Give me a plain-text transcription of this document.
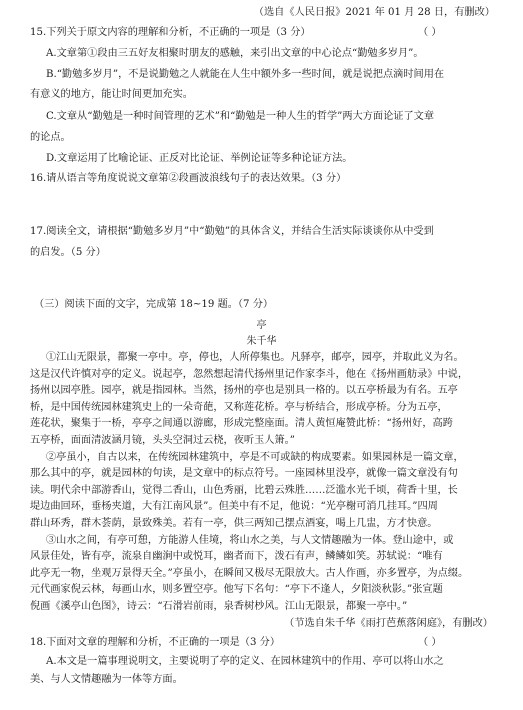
（选自《人民日报》2021 年 01 月 28 日，有删改）
15.下列关于原文内容的理解和分析，不正确的一项是（3 分）	（ ）
A.文章第①段由三五好友相聚时朋友的感触，来引出文章的中心论点“勤勉多岁月”。
B.“勤勉多岁月”，不是说勤勉之人就能在人生中额外多一些时间，就是说把点滴时间用在
有意义的地方，能让时间更加充实。
C.文章从“勤勉是一种时间管理的艺术”和“勤勉是一种人生的哲学”两大方面论证了文章
的论点。
D.文章运用了比喻论证、正反对比论证、举例论证等多种论证方法。
16.请从语言等角度说说文章第②段画波浪线句子的表达效果。（3 分）
17.阅读全文，请根据“勤勉多岁月”中“勤勉”的具体含义，并结合生活实际谈谈你从中受到
的启发。（5 分）
（三）阅读下面的文字，完成第 18~19 题。（7 分）
亭
朱千华
①江山无限景，都聚一亭中。亭，停也，人所停集也。凡驿亭，邮亭，园亭，并取此义为名。
这是汉代许慎对亭的定义。说起亭，忽然想起清代扬州里记作家李斗，他在《扬州画舫录》中说，
扬州以园亭胜。园亭，就是指园林。当然，扬州的亭也是别具一格的。以五亭桥最为有名。五亭
桥，是中国传统园林建筑史上的一朵奇葩，又称莲花桥。亭与桥结合，形成亭桥。分为五亭，
莲花状，聚集于一桥，亭亭之间通以游廊，形成完整座面。清人黄恒庵赞此桥：“扬州好，高跨
五亭桥，面面清波涵月镜，头头空洞过云桡，夜听玉人箫。”
②亭虽小，自古以来，在传统园林建筑中，亭是不可或缺的构成要素。如果园林是一篇文章，
那么其中的亭，就是园林的句读，是文章中的标点符号。一座园林里没亭，就像一篇文章没有句
读。明代余中部游香山，觉得二香山，山色秀丽，比碧云殊胜……泛滥水光千顷，荷香十里，长
堤边曲回环，垂杨夹道，大有江南风景”。但美中有不足，他说：“光亭榭可消几挂耳。”四周
群山环秀，群木荟荫，景致殊美。若有一亭，供三两知己摆点酒宴，喝上几盅，方才快意。
③山水之间，有亭可憩，方能游人佳境，将山水之美，与人文情趣融为一体。登山途中，或
风景佳处，皆有亭，流泉自幽涧中或悦耳，幽者而下，泼石有声，鳞鳞如笑。苏轼说：“唯有
此亭无一物，坐观万景得天全。”亭虽小，在瞬间又极尽无限放大。古人作画，亦多置亭，为点缀。
元代画家倪云林，每画山水，则多置空亭。他写下名句：“亭下不逢人，夕阳淡秋影。”张宣题
倪画《溪亭山色图》，诗云：“石滑岩前雨，泉香树杪风。江山无限景，都聚一亭中。”
（节选自朱千华《雨打芭蕉落闲庭》，有删改）
18.下面对文章的理解和分析，不正确的一项是（3 分）	（ ）
A.本文是一篇事理说明文，主要说明了亭的定义、在园林建筑中的作用、亭可以将山水之
美、与人文情趣融为一体等方面。
